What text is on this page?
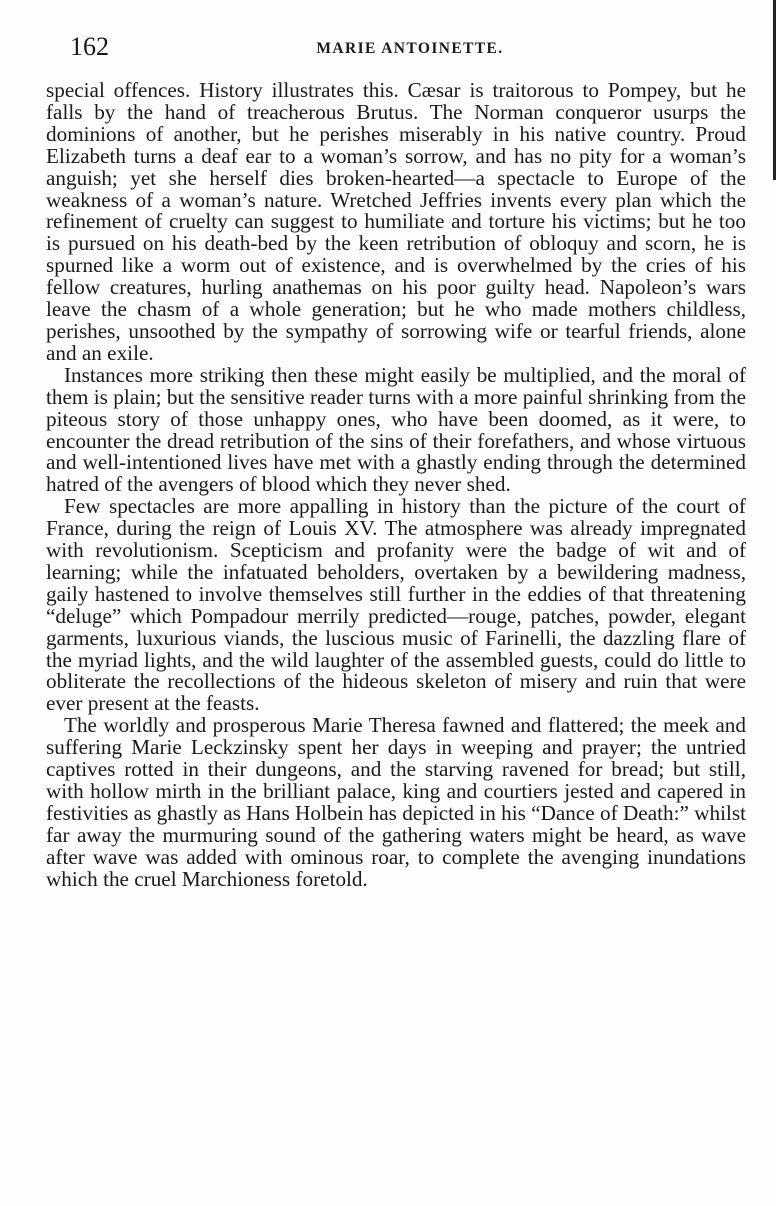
162	MARIE ANTOINETTE.

special offences. History illustrates this. Cæsar is traitorous to Pompey, but he falls by the hand of treacherous Brutus. The Norman conqueror usurps the dominions of another, but he perishes miserably in his native country. Proud Elizabeth turns a deaf ear to a woman’s sorrow, and has no pity for a woman’s anguish; yet she herself dies broken-hearted—a spectacle to Europe of the weakness of a woman’s nature. Wretched Jeffries invents every plan which the refinement of cruelty can suggest to humiliate and torture his victims; but he too is pursued on his death-bed by the keen retribution of obloquy and scorn, he is spurned like a worm out of existence, and is overwhelmed by the cries of his fellow creatures, hurling anathemas on his poor guilty head. Napoleon’s wars leave the chasm of a whole generation; but he who made mothers childless, perishes, unsoothed by the sympathy of sorrowing wife or tearful friends, alone and an exile.

Instances more striking then these might easily be multiplied, and the moral of them is plain; but the sensitive reader turns with a more painful shrinking from the piteous story of those unhappy ones, who have been doomed, as it were, to encounter the dread retribution of the sins of their forefathers, and whose virtuous and well-intentioned lives have met with a ghastly ending through the determined hatred of the avengers of blood which they never shed.

Few spectacles are more appalling in history than the picture of the court of France, during the reign of Louis XV. The atmosphere was already impregnated with revolutionism. Scepticism and profanity were the badge of wit and of learning; while the infatuated beholders, overtaken by a bewildering madness, gaily hastened to involve themselves still further in the eddies of that threatening “deluge” which Pompadour merrily predicted—rouge, patches, powder, elegant garments, luxurious viands, the luscious music of Farinelli, the dazzling flare of the myriad lights, and the wild laughter of the assembled guests, could do little to obliterate the recollections of the hideous skeleton of misery and ruin that were ever present at the feasts.

The worldly and prosperous Marie Theresa fawned and flattered; the meek and suffering Marie Leckzinsky spent her days in weeping and prayer; the untried captives rotted in their dungeons, and the starving ravened for bread; but still, with hollow mirth in the brilliant palace, king and courtiers jested and capered in festivities as ghastly as Hans Holbein has depicted in his “Dance of Death:” whilst far away the murmuring sound of the gathering waters might be heard, as wave after wave was added with ominous roar, to complete the avenging inundations which the cruel Marchioness foretold.
